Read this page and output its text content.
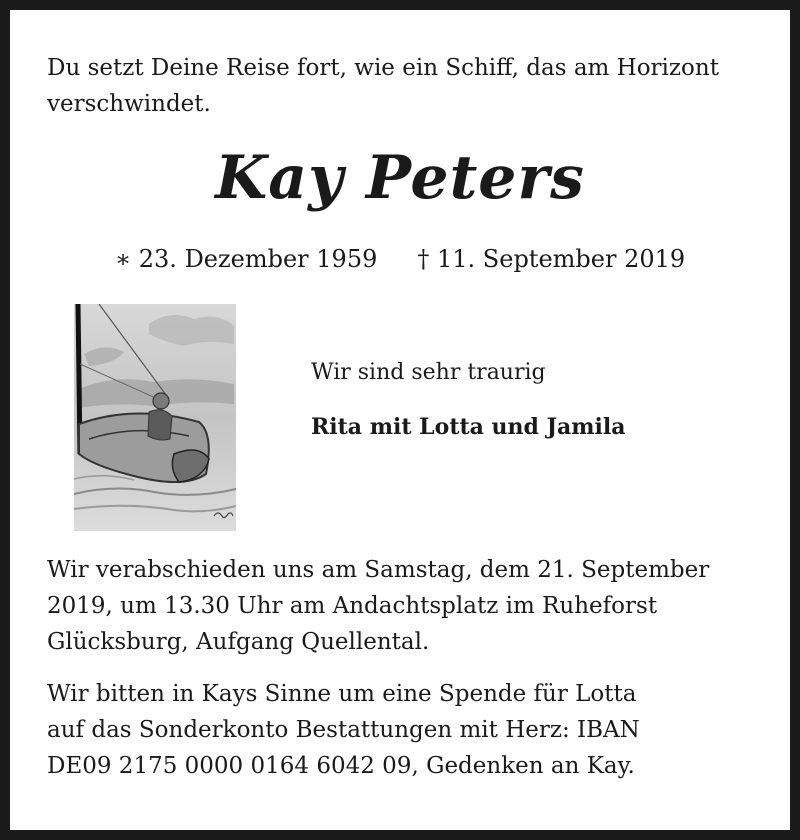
Du setzt Deine Reise fort, wie ein Schiff, das am Horizont verschwindet.

Kay Peters

∗ 23. Dezember 1959 † 11. September 2019

Wir sind sehr traurig

Rita mit Lotta und Jamila

Wir verabschieden uns am Samstag, dem 21. September
2019, um 13.30 Uhr am Andachtsplatz im Ruheforst
Glücksburg, Aufgang Quellental.

Wir bitten in Kays Sinne um eine Spende für Lotta
auf das Sonderkonto Bestattungen mit Herz: IBAN
DE09 2175 0000 0164 6042 09, Gedenken an Kay.
